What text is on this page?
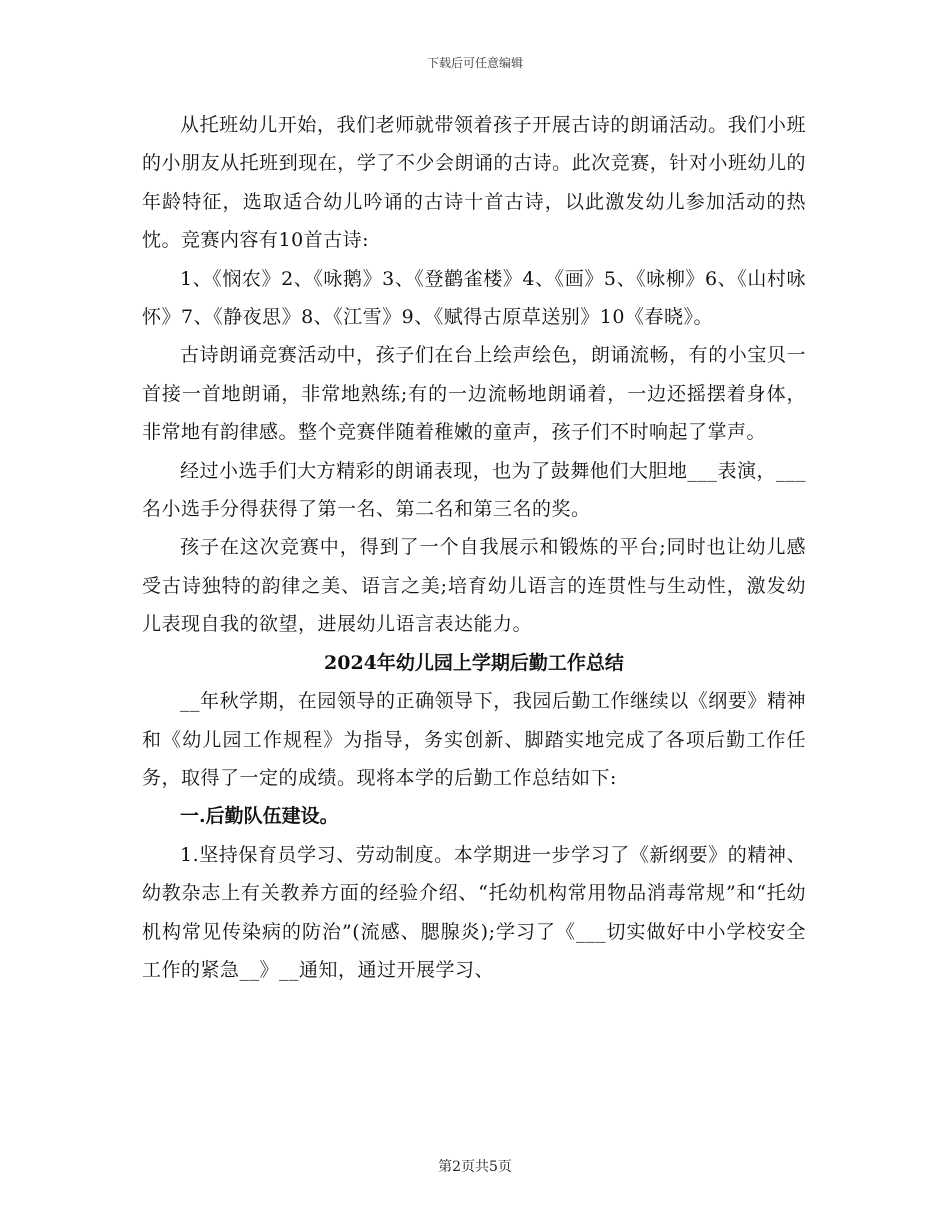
下载后可任意编辑

从托班幼儿开始，我们老师就带领着孩子开展古诗的朗诵活动。我们小班的小朋友从托班到现在，学了不少会朗诵的古诗。此次竞赛，针对小班幼儿的年龄特征，选取适合幼儿吟诵的古诗十首古诗，以此激发幼儿参加活动的热忱。竞赛内容有10首古诗:

1、《悯农》2、《咏鹅》3、《登鹳雀楼》4、《画》5、《咏柳》6、《山村咏怀》7、《静夜思》8、《江雪》9、《赋得古原草送别》10《春晓》。

古诗朗诵竞赛活动中，孩子们在台上绘声绘色，朗诵流畅，有的小宝贝一首接一首地朗诵，非常地熟练;有的一边流畅地朗诵着，一边还摇摆着身体，非常地有韵律感。整个竞赛伴随着稚嫩的童声，孩子们不时响起了掌声。

经过小选手们大方精彩的朗诵表现，也为了鼓舞他们大胆地___表演，___名小选手分得获得了第一名、第二名和第三名的奖。

孩子在这次竞赛中，得到了一个自我展示和锻炼的平台;同时也让幼儿感受古诗独特的韵律之美、语言之美;培育幼儿语言的连贯性与生动性，激发幼儿表现自我的欲望，进展幼儿语言表达能力。

2024年幼儿园上学期后勤工作总结

__年秋学期，在园领导的正确领导下，我园后勤工作继续以《纲要》精神和《幼儿园工作规程》为指导，务实创新、脚踏实地完成了各项后勤工作任务，取得了一定的成绩。现将本学的后勤工作总结如下:

一.后勤队伍建设。

1.坚持保育员学习、劳动制度。本学期进一步学习了《新纲要》的精神、幼教杂志上有关教养方面的经验介绍、“托幼机构常用物品消毒常规”和“托幼机构常见传染病的防治”(流感、腮腺炎);学习了《___切实做好中小学校安全工作的紧急__》__通知，通过开展学习、

第2页共5页
